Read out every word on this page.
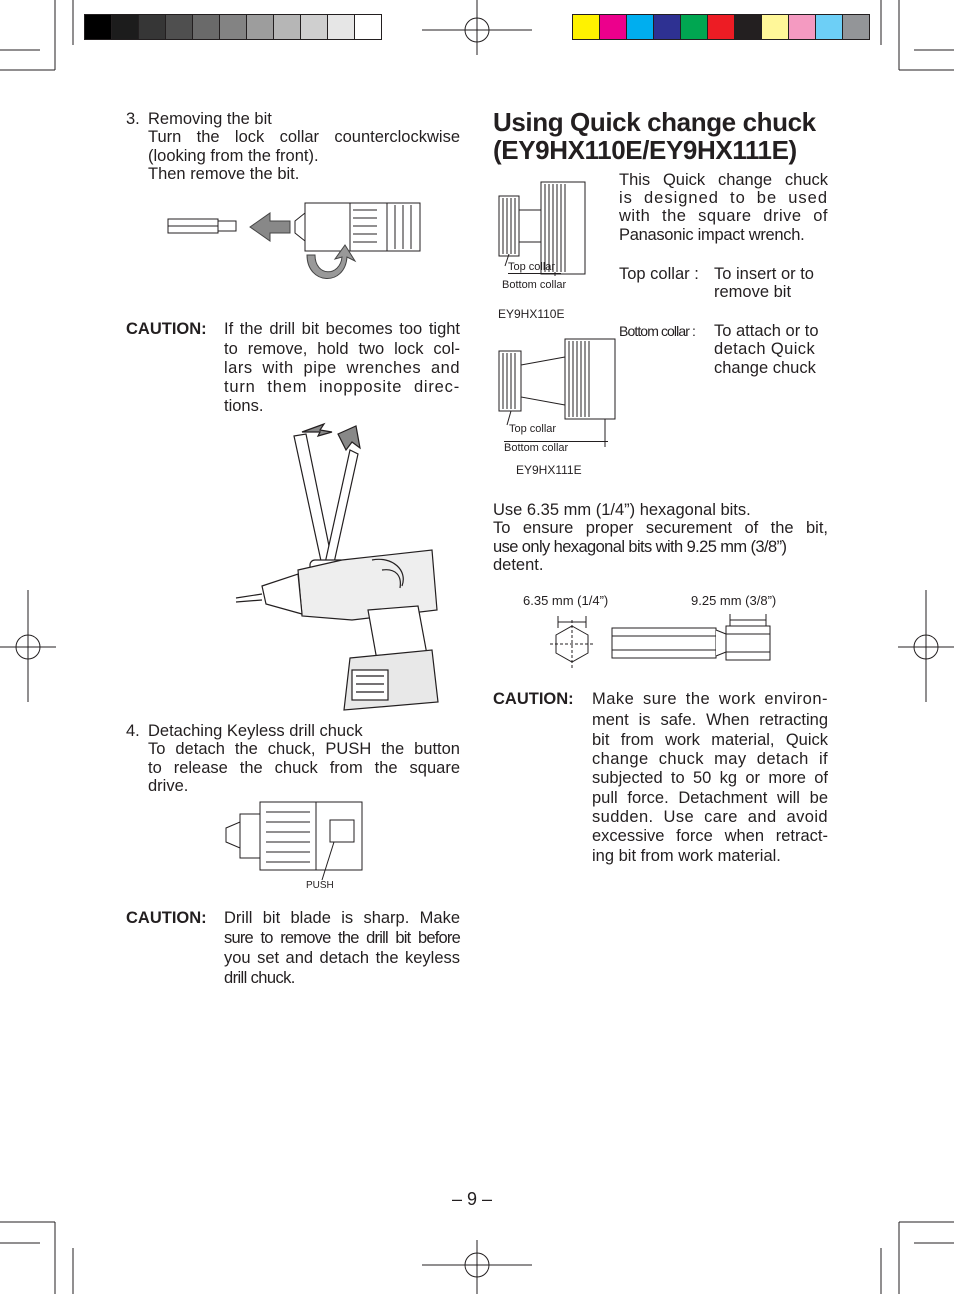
3. Removing the bit
Turn the lock collar counterclockwise
(looking from the front).
Then remove the bit.
CAUTION: If the drill bit becomes too tight
to remove, hold two lock col-
lars with pipe wrenches and
turn them inopposite direc-
tions.
4. Detaching Keyless drill chuck
To detach the chuck, PUSH the button
to release the chuck from the square
drive.
PUSH
CAUTION: Drill bit blade is sharp. Make
sure to remove the drill bit before
you set and detach the keyless
drill chuck.
Using Quick change chuck
(EY9HX110E/EY9HX111E)
This Quick change chuck
is designed to be used
with the square drive of
Panasonic impact wrench.
Top collar : To insert or to
remove bit
Bottom collar : To attach or to
detach Quick
change chuck
Top collar
Bottom collar
EY9HX110E
Top collar
Bottom collar
EY9HX111E
Use 6.35 mm (1/4”) hexagonal bits.
To ensure proper securement of the bit,
use only hexagonal bits with 9.25 mm (3/8”)
detent.
6.35 mm (1/4”)	9.25 mm (3/8”)
CAUTION: Make sure the work environ-
ment is safe. When retracting
bit from work material, Quick
change chuck may detach if
subjected to 50 kg or more of
pull force. Detachment will be
sudden. Use care and avoid
excessive force when retract-
ing bit from work material.
– 9 –
